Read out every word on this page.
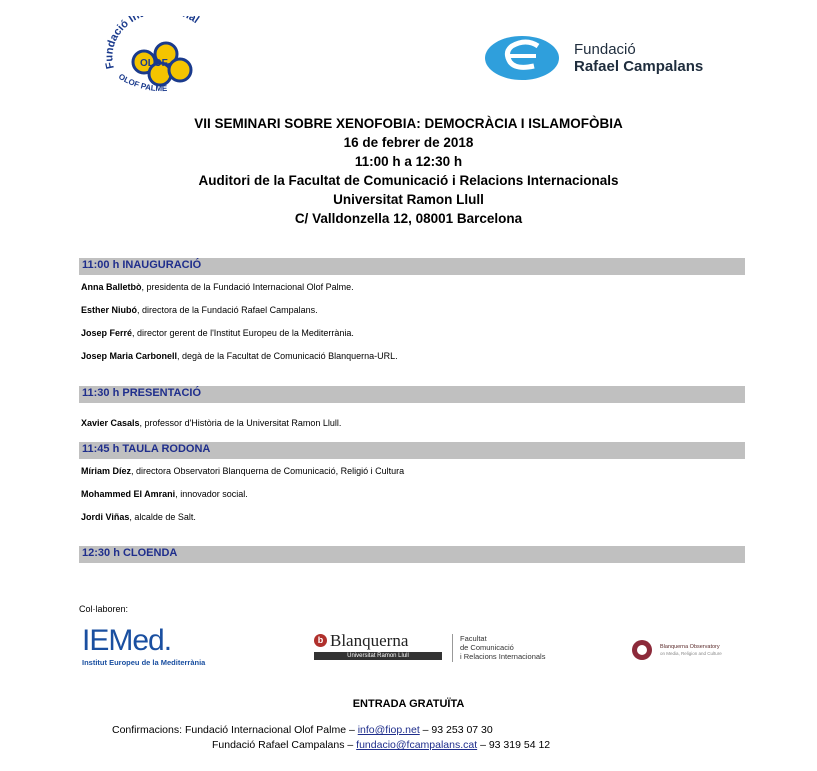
Fundació In al
OLOF
OLOF PALME
Fundació
Rafael Campalans
VII SEMINARI SOBRE XENOFOBIA: DEMOCRÀCIA I ISLAMOFÒBIA
16 de febrer de 2018
11:00 h a 12:30 h
Auditori de la Facultat de Comunicació i Relacions Internacionals
Universitat Ramon Llull
C/ Valldonzella 12, 08001 Barcelona
11:00 h INAUGURACIÓ
Anna Balletbò, presidenta de la Fundació Internacional Olof Palme.
Esther Niubó, directora de la Fundació Rafael Campalans.
Josep Ferré, director gerent de l'Institut Europeu de la Mediterrània.
Josep Maria Carbonell, degà de la Facultat de Comunicació Blanquerna-URL.
11:30 h PRESENTACIÓ
Xavier Casals, professor d'Història de la Universitat Ramon Llull.
11:45 h TAULA RODONA
Míriam Díez, directora Observatori Blanquerna de Comunicació, Religió i Cultura
Mohammed El Amrani, innovador social.
Jordi Viñas, alcalde de Salt.
12:30 h CLOENDA
Col·laboren:
IEMed.
Institut Europeu de la Mediterrània
b Blanquerna
Universitat Ramon Llull
Facultat
de Comunicació
i Relacions Internacionals
Blanquerna Observatory
on Media, Religion and Culture
ENTRADA GRATUÏTA
Confirmacions: Fundació Internacional Olof Palme – info@fiop.net – 93 253 07 30
Fundació Rafael Campalans – fundacio@fcampalans.cat – 93 319 54 12
